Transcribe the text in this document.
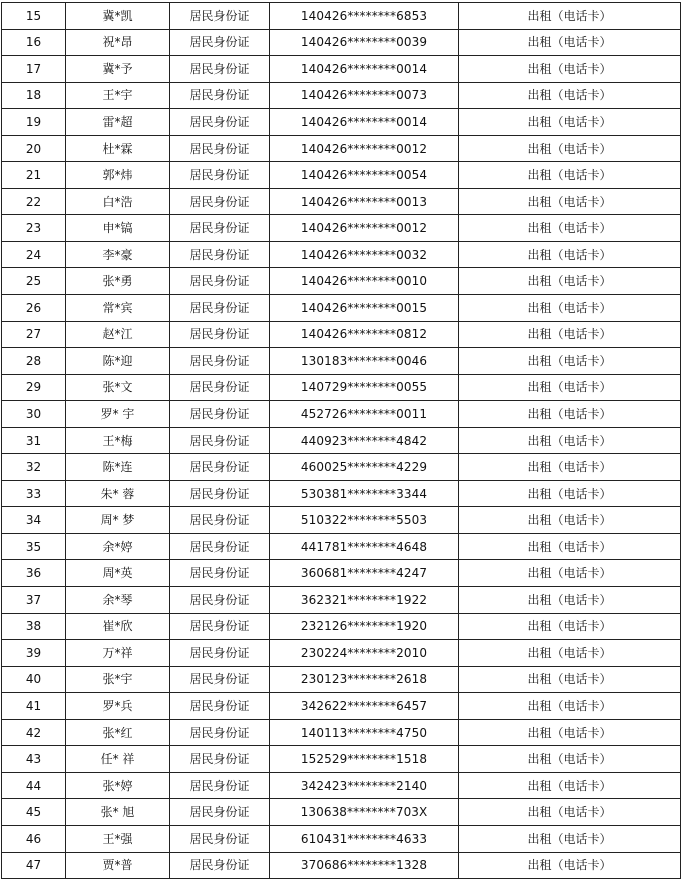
15	冀*凯	居民身份证	140426********6853	出租（电话卡）
16	祝*昂	居民身份证	140426********0039	出租（电话卡）
17	冀*予	居民身份证	140426********0014	出租（电话卡）
18	王*宇	居民身份证	140426********0073	出租（电话卡）
19	雷*超	居民身份证	140426********0014	出租（电话卡）
20	杜*霖	居民身份证	140426********0012	出租（电话卡）
21	郭*炜	居民身份证	140426********0054	出租（电话卡）
22	白*浩	居民身份证	140426********0013	出租（电话卡）
23	申*镐	居民身份证	140426********0012	出租（电话卡）
24	李*豪	居民身份证	140426********0032	出租（电话卡）
25	张*勇	居民身份证	140426********0010	出租（电话卡）
26	常*宾	居民身份证	140426********0015	出租（电话卡）
27	赵*江	居民身份证	140426********0812	出租（电话卡）
28	陈*迎	居民身份证	130183********0046	出租（电话卡）
29	张*文	居民身份证	140729********0055	出租（电话卡）
30	罗* 宇	居民身份证	452726********0011	出租（电话卡）
31	王*梅	居民身份证	440923********4842	出租（电话卡）
32	陈*连	居民身份证	460025********4229	出租（电话卡）
33	朱* 蓉	居民身份证	530381********3344	出租（电话卡）
34	周* 梦	居民身份证	510322********5503	出租（电话卡）
35	余*婷	居民身份证	441781********4648	出租（电话卡）
36	周*英	居民身份证	360681********4247	出租（电话卡）
37	余*琴	居民身份证	362321********1922	出租（电话卡）
38	崔*欣	居民身份证	232126********1920	出租（电话卡）
39	万*祥	居民身份证	230224********2010	出租（电话卡）
40	张*宇	居民身份证	230123********2618	出租（电话卡）
41	罗*兵	居民身份证	342622********6457	出租（电话卡）
42	张*红	居民身份证	140113********4750	出租（电话卡）
43	任* 祥	居民身份证	152529********1518	出租（电话卡）
44	张*婷	居民身份证	342423********2140	出租（电话卡）
45	张* 旭	居民身份证	130638********703X	出租（电话卡）
46	王*强	居民身份证	610431********4633	出租（电话卡）
47	贾*普	居民身份证	370686********1328	出租（电话卡）
